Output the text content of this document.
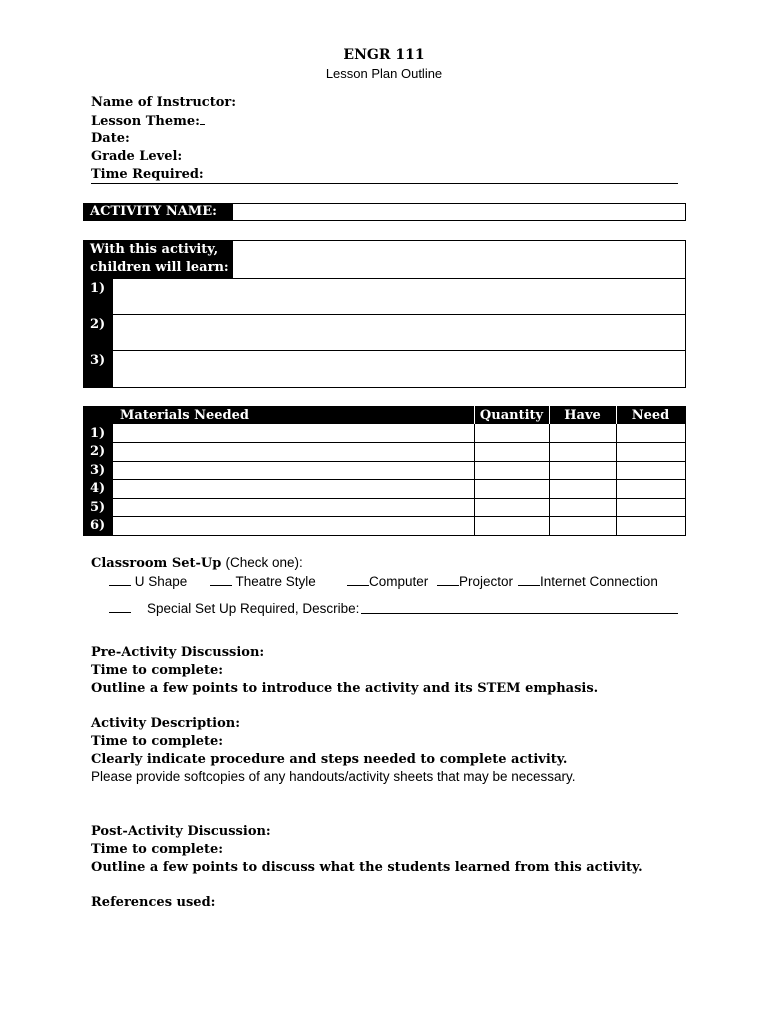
ENGR 111
Lesson Plan Outline
Name of Instructor:
Lesson Theme:
Date:
Grade Level:
Time Required:
ACTIVITY NAME:
With this activity,
children will learn:
1)
2)
3)
Materials Needed	Quantity	Have	Need
1)
2)
3)
4)
5)
6)
Classroom Set-Up (Check one):
U Shape	Theatre Style	Computer	Projector	Internet Connection
Special Set Up Required, Describe:
Pre-Activity Discussion:
Time to complete:
Outline a few points to introduce the activity and its STEM emphasis.
Activity Description:
Time to complete:
Clearly indicate procedure and steps needed to complete activity.
Please provide softcopies of any handouts/activity sheets that may be necessary.
Post-Activity Discussion:
Time to complete:
Outline a few points to discuss what the students learned from this activity.
References used:
